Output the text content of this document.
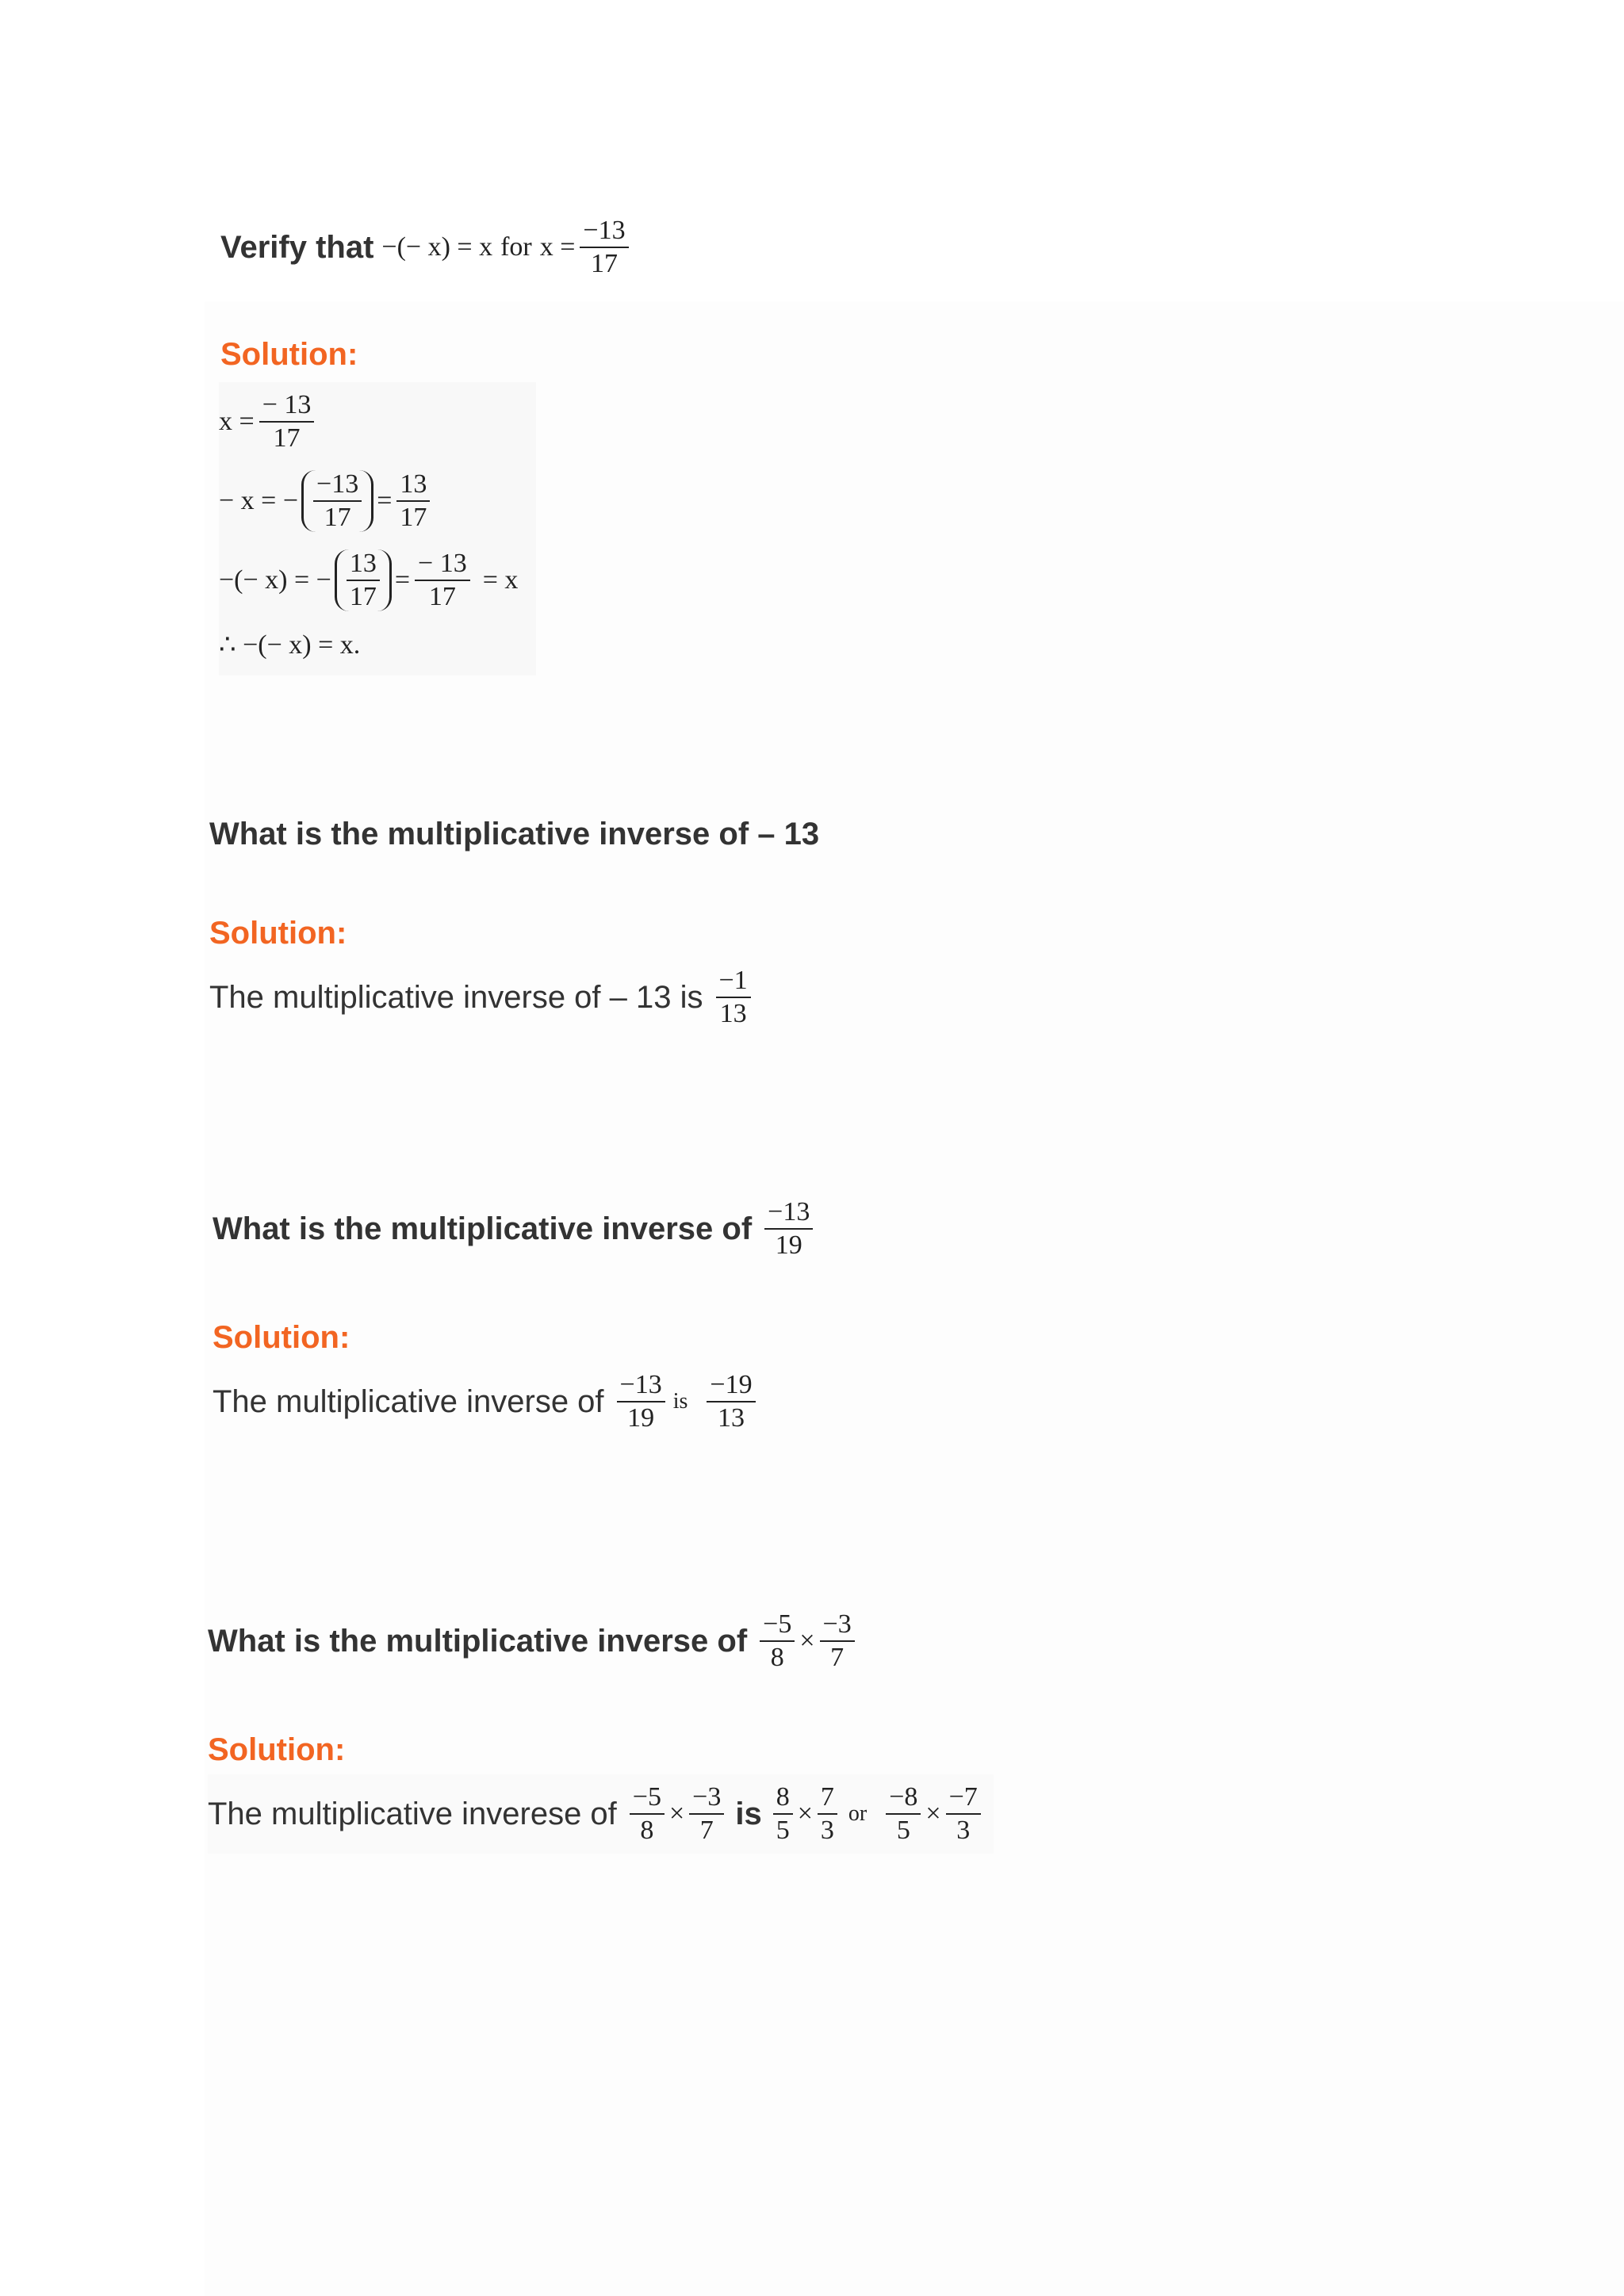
Verify that −(− x) = x for $x = \frac{-13}{17}$
Solution:
$x = \frac{- 13}{17}$
− x = − $\frac{-13}{17} = \frac{13}{17}$
−(− x) = − $\frac{13}{17} = \frac{- 13}{17} = x$
∴ −(− x) = x.
What is the multiplicative inverse of – 13
Solution:
The multiplicative inverse of – 13 is $\frac{-1}{13}$
What is the multiplicative inverse of $\frac{-13}{19}$
Solution:
The multiplicative inverse of $\frac{-13}{19}$ is $\frac{-19}{13}$
What is the multiplicative inverse of $\frac{-5}{8} \times \frac{-3}{7}$
Solution:
The multiplicative inverese of $\frac{-5}{8} \times \frac{-3}{7}$ is $\frac{8}{5} \times \frac{7}{3}$ or $\frac{-8}{5} \times \frac{-7}{3}$
